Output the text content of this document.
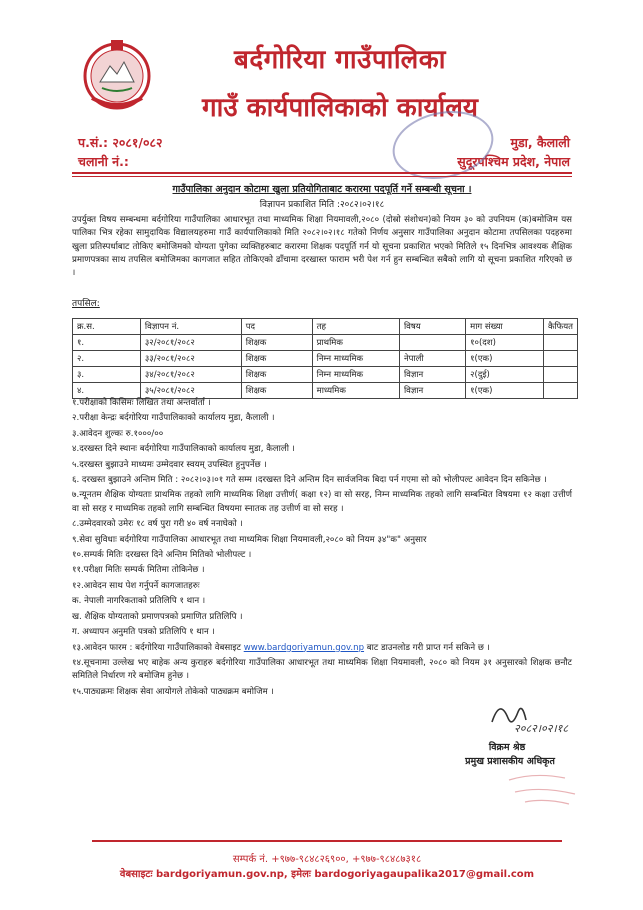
बर्दगोरिया गाउँपालिका
गाउँ कार्यपालिकाको कार्यालय
प.सं.: २०८१/०८२
चलानी नं.:
मुडा, कैलाली
सुदूरपश्चिम प्रदेश, नेपाल
गाउँपालिका अनुदान कोटामा खुला प्रतियोगिताबाट करारमा पदपूर्ति गर्ने सम्बन्धी सूचना ।
विज्ञापन प्रकाशित मिति :२०८२।०२।१८
उपर्युक्त विषय सम्बन्धमा बर्दगोरिया गाउँपालिका आधारभूत तथा माध्यमिक शिक्षा नियमावली,२०८० (दोस्रो संशोधन)को नियम ३० को उपनियम (क)बमोजिम यस पालिका भित्र रहेका सामुदायिक विद्यालयहरुमा गाउँ कार्यपालिकाको मिति २०८२।०२।१८ गतेको निर्णय अनुसार गाउँपालिका अनुदान कोटामा तपसिलका पदहरुमा खुला प्रतिस्पर्धाबाट तोकिए बमोजिमको योग्यता पुगेका व्यक्तिहरुबाट करारमा शिक्षक पदपूर्ति गर्न यो सूचना प्रकाशित भएको मितिले १५ दिनभित्र आवश्यक शैक्षिक प्रमाणपत्रका साथ तपसिल बमोजिमका कागजात सहित तोकिएको ढाँचामा दरखास्त फाराम भरी पेश गर्न हुन सम्बन्धित सबैको लागि यो सूचना प्रकाशित गरिएको छ ।
तपसिल:
क्र.स.	विज्ञापन नं.	पद	तह	विषय	माग संख्या	कैफियत
१.	३२/२०८१/२०८२	शिक्षक	प्राथमिक		१०(दश)	
२.	३३/२०८१/२०८२	शिक्षक	निम्न माध्यमिक	नेपाली	१(एक)	
३.	३४/२०८१/२०८२	शिक्षक	निम्न माध्यमिक	विज्ञान	२(दुई)	
४.	३५/२०८१/२०८२	शिक्षक	माध्यमिक	विज्ञान	१(एक)	
१.परीक्षाको किसिमः लिखित तथा अन्तर्वार्ता ।
२.परीक्षा केन्द्रः बर्दगोरिया गाउँपालिकाको कार्यालय मुडा, कैलाली ।
३.आवेदन शुल्कः रु.१०००/००
४.दरखस्त दिने स्थानः बर्दगोरिया गाउँपालिकाको कार्यालय मुडा, कैलाली ।
५.दरखस्त बुझाउने माध्यमः उम्मेदवार स्वयम् उपस्थित हुनुपर्नेछ ।
६. दरखस्त बुझाउने अन्तिम मिति : २०८२।०३।०१ गते सम्म ।दरखस्त दिने अन्तिम दिन सार्वजनिक बिदा पर्न गएमा सो को भोलीपल्ट आवेदन दिन सकिनेछ ।
७.न्यूनतम शैक्षिक योग्यताः प्राथमिक तहको लागि माध्यमिक शिक्षा उत्तीर्ण( कक्षा १२) वा सो सरह, निम्न माध्यमिक तहको लागि सम्बन्धित विषयमा १२ कक्षा उत्तीर्ण वा सो सरह र माध्यमिक तहको लागि सम्बन्धित विषयमा स्नातक तह उत्तीर्ण वा सो सरह ।
८.उम्मेदवारको उमेरः १८ वर्ष पुरा गरी ४० वर्ष ननाघेको ।
९.सेवा सुविधाः बर्दगोरिया गाउँपालिका आधारभूत तथा माध्यमिक शिक्षा नियमावली,२०८० को नियम ३४"क" अनुसार
१०.सम्पर्क मितिः दरखस्त दिने अन्तिम मितिको भोलीपल्ट ।
११.परीक्षा मितिः सम्पर्क मितिमा तोकिनेछ ।
१२.आवेदन साथ पेश गर्नुपर्ने कागजातहरुः
क. नेपाली नागरिकताको प्रतिलिपि १ थान ।
ख. शैक्षिक योग्यताको प्रमाणपत्रको प्रमाणित प्रतिलिपि ।
ग. अध्यापन अनुमति पत्रको प्रतिलिपि १ थान ।
१३.आवेदन फारम : बर्दगोरिया गाउँपालिकाको वेबसाइट www.bardgoriyamun.gov.np बाट डाउनलोड गरी प्राप्त गर्न सकिने छ ।
१४.सूचनामा उल्लेख भए बाहेक अन्य कुराहरु बर्दगोरिया गाउँपालिका आधारभूत तथा माध्यमिक शिक्षा नियमावली, २०८० को नियम ३१ अनुसारको शिक्षक छनौट समितिले निर्धारण गरे बमोजिम हुनेछ ।
१५.पाठ्यक्रमः शिक्षक सेवा आयोगले तोकेको पाठ्यक्रम बमोजिम ।
२०८२।०२।१८
विक्रम श्रेष्ठ
प्रमुख प्रशासकीय अधिकृत
सम्पर्क नं. +९७७-९८४८२६९००, +९७७-९८४८७३१८
वेबसाइटः bardgoriyamun.gov.np, इमेलः bardogoriyagaupalika2017@gmail.com
